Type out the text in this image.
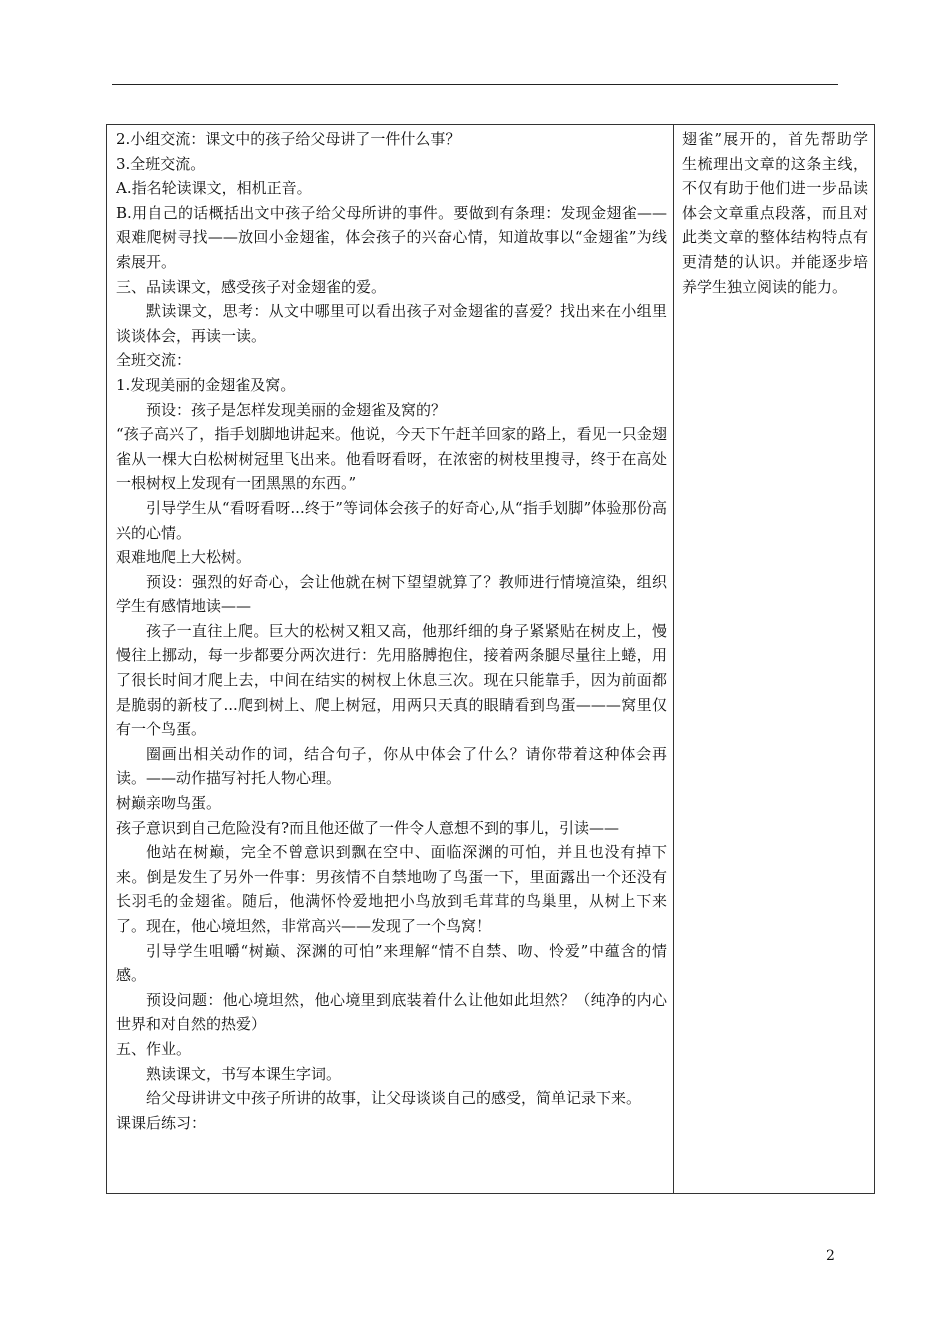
2.小组交流：课文中的孩子给父母讲了一件什么事？

3.全班交流。

A.指名轮读课文，相机正音。

B.用自己的话概括出文中孩子给父母所讲的事件。要做到有条理：发现金翅雀——艰难爬树寻找——放回小金翅雀，体会孩子的兴奋心情，知道故事以“金翅雀”为线索展开。

三、品读课文，感受孩子对金翅雀的爱。

默读课文，思考：从文中哪里可以看出孩子对金翅雀的喜爱？找出来在小组里谈谈体会，再读一读。

全班交流：

1.发现美丽的金翅雀及窝。

预设：孩子是怎样发现美丽的金翅雀及窝的？

“孩子高兴了，指手划脚地讲起来。他说，今天下午赶羊回家的路上，看见一只金翅雀从一棵大白松树树冠里飞出来。他看呀看呀，在浓密的树枝里搜寻，终于在高处一根树杈上发现有一团黑黑的东西。”

引导学生从“看呀看呀...终于”等词体会孩子的好奇心,从“指手划脚”体验那份高兴的心情。

艰难地爬上大松树。

预设：强烈的好奇心，会让他就在树下望望就算了？教师进行情境渲染，组织学生有感情地读——

孩子一直往上爬。巨大的松树又粗又高，他那纤细的身子紧紧贴在树皮上，慢慢往上挪动，每一步都要分两次进行：先用胳膊抱住，接着两条腿尽量往上蜷，用了很长时间才爬上去，中间在结实的树杈上休息三次。现在只能靠手，因为前面都是脆弱的新枝了...爬到树上、爬上树冠，用两只天真的眼睛看到鸟蛋———窝里仅有一个鸟蛋。

圈画出相关动作的词，结合句子，你从中体会了什么？请你带着这种体会再读。——动作描写衬托人物心理。

树巅亲吻鸟蛋。

孩子意识到自己危险没有?而且他还做了一件令人意想不到的事儿，引读——

他站在树巅，完全不曾意识到飘在空中、面临深渊的可怕，并且也没有掉下来。倒是发生了另外一件事：男孩情不自禁地吻了鸟蛋一下，里面露出一个还没有长羽毛的金翅雀。随后，他满怀怜爱地把小鸟放到毛茸茸的鸟巢里，从树上下来了。现在，他心境坦然，非常高兴——发现了一个鸟窝！

引导学生咀嚼“树巅、深渊的可怕”来理解“情不自禁、吻、怜爱”中蕴含的情感。

预设问题：他心境坦然，他心境里到底装着什么让他如此坦然？（纯净的内心世界和对自然的热爱）

五、作业。

熟读课文，书写本课生字词。

给父母讲讲文中孩子所讲的故事，让父母谈谈自己的感受，简单记录下来。

课课后练习：

翅雀”展开的，首先帮助学生梳理出文章的这条主线，不仅有助于他们进一步品读体会文章重点段落，而且对此类文章的整体结构特点有更清楚的认识。并能逐步培养学生独立阅读的能力。
2
